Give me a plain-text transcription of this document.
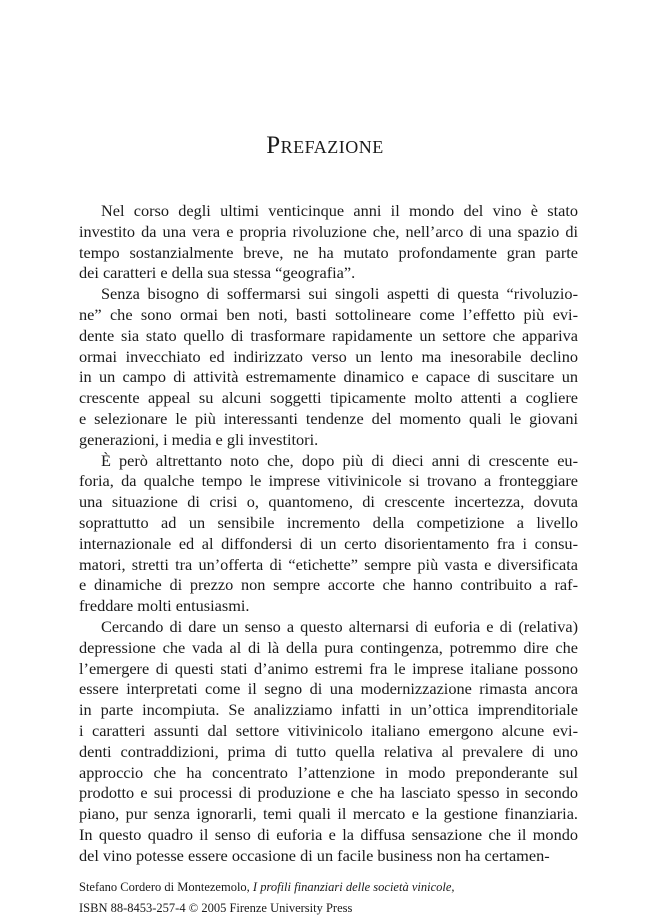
Prefazione
Nel corso degli ultimi venticinque anni il mondo del vino è stato
investito da una vera e propria rivoluzione che, nell’arco di una spazio di
tempo sostanzialmente breve, ne ha mutato profondamente gran parte
dei caratteri e della sua stessa “geografia”.
Senza bisogno di soffermarsi sui singoli aspetti di questa “rivoluzio-
ne” che sono ormai ben noti, basti sottolineare come l’effetto più evi-
dente sia stato quello di trasformare rapidamente un settore che appariva
ormai invecchiato ed indirizzato verso un lento ma inesorabile declino
in un campo di attività estremamente dinamico e capace di suscitare un
crescente appeal su alcuni soggetti tipicamente molto attenti a cogliere
e selezionare le più interessanti tendenze del momento quali le giovani
generazioni, i media e gli investitori.
È però altrettanto noto che, dopo più di dieci anni di crescente eu-
foria, da qualche tempo le imprese vitivinicole si trovano a fronteggiare
una situazione di crisi o, quantomeno, di crescente incertezza, dovuta
soprattutto ad un sensibile incremento della competizione a livello
internazionale ed al diffondersi di un certo disorientamento fra i consu-
matori, stretti tra un’offerta di “etichette” sempre più vasta e diversificata
e dinamiche di prezzo non sempre accorte che hanno contribuito a raf-
freddare molti entusiasmi.
Cercando di dare un senso a questo alternarsi di euforia e di (relativa)
depressione che vada al di là della pura contingenza, potremmo dire che
l’emergere di questi stati d’animo estremi fra le imprese italiane possono
essere interpretati come il segno di una modernizzazione rimasta ancora
in parte incompiuta. Se analizziamo infatti in un’ottica imprenditoriale
i caratteri assunti dal settore vitivinicolo italiano emergono alcune evi-
denti contraddizioni, prima di tutto quella relativa al prevalere di uno
approccio che ha concentrato l’attenzione in modo preponderante sul
prodotto e sui processi di produzione e che ha lasciato spesso in secondo
piano, pur senza ignorarli, temi quali il mercato e la gestione finanziaria.
In questo quadro il senso di euforia e la diffusa sensazione che il mondo
del vino potesse essere occasione di un facile business non ha certamen-
Stefano Cordero di Montezemolo, I profili finanziari delle società vinicole,
ISBN 88-8453-257-4 © 2005 Firenze University Press
